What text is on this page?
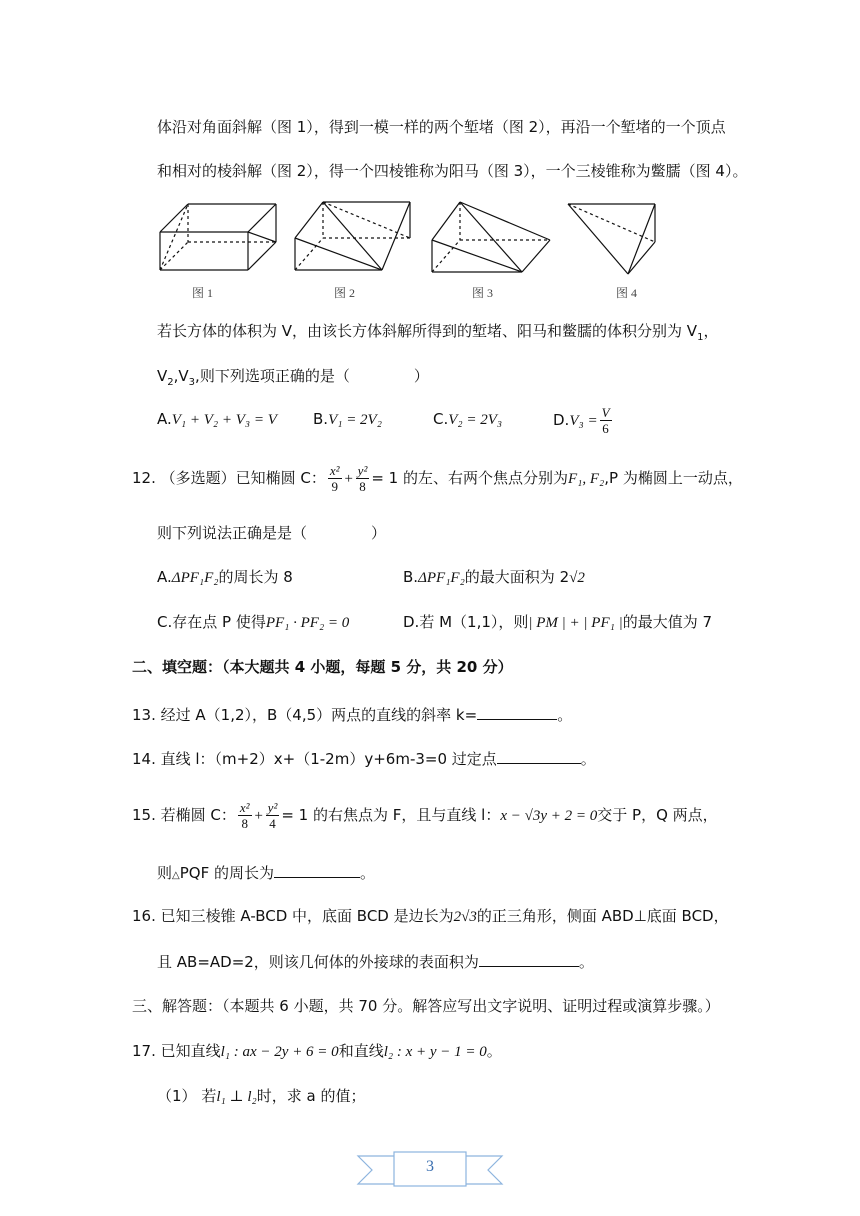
体沿对角面斜解（图 1），得到一模一样的两个堑堵（图 2），再沿一个堑堵的一个顶点
和相对的棱斜解（图 2），得一个四棱锥称为阳马（图 3），一个三棱锥称为鳖臑（图 4）。
图 1	图 2	图 3	图 4
若长方体的体积为 V，由该长方体斜解所得到的堑堵、阳马和鳖臑的体积分别为 $V_1$，
$V_2,V_3$,则下列选项正确的是（	）
A.V₁ + V₂ + V₃ = V B.V₁ = 2V₂	C.V₂ = 2V₃	$D.V_3 = \frac{V}{6}$
12. （多选题）已知椭圆 C： $\frac{\text{x²}}{9} + \frac{\text{y²}}{8} = 1$ 的左、右两个焦点分别为F₁, F₂,P 为椭圆上一动点，
则下列说法正确是是（	）
A.ΔPF₁F₂的周长为 8	B.ΔPF₁F₂的最大面积为 2√2
C.存在点 P 使得PF₁ · PF₂ = 0	D.若 M（1,1），则| PM | + | PF₁ |的最大值为 7
二、填空题：（本大题共 4 小题，每题 5 分，共 20 分）
13. 经过 A（1,2），B（4,5）两点的直线的斜率 k=	。
14. 直线 l：（m+2）x+（1-2m）y+6m-3=0 过定点	。
15. 若椭圆 C： $\frac{\text{x²}}{8} + \frac{\text{y²}}{4} = 1$ 的右焦点为 F，且与直线 l：x − √3y + 2 = 0交于 P，Q 两点，
则△PQF 的周长为	。
16. 已知三棱锥 A-BCD 中，底面 BCD 是边长为2√3的正三角形，侧面 ABD⊥底面 BCD，
且 AB=AD=2，则该几何体的外接球的表面积为	。
三、解答题：（本题共 6 小题，共 70 分。解答应写出文字说明、证明过程或演算步骤。）
17. 已知直线l₁ : ax − 2y + 6 = 0和直线l₂ : x + y − 1 = 0。
（1） 若l₁ ⊥ l₂时，求 a 的值；
3
